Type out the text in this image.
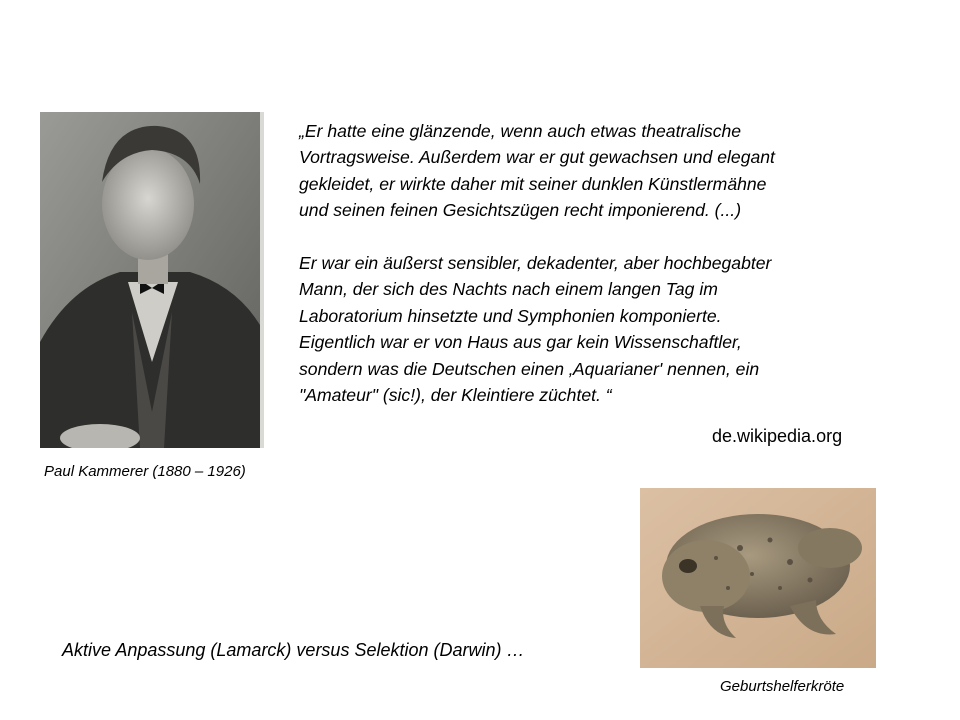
Paul Kammerer (1880 – 1926)

„Er hatte eine glänzende, wenn auch etwas theatralische

Vortragsweise. Außerdem war er gut gewachsen und elegant

gekleidet, er wirkte daher mit seiner dunklen Künstlermähne

und seinen feinen Gesichtszügen recht imponierend. (...)

Er war ein äußerst sensibler, dekadenter, aber hochbegabter

Mann, der sich des Nachts nach einem langen Tag im

Laboratorium hinsetzte und Symphonien komponierte.

Eigentlich war er von Haus aus gar kein Wissenschaftler,

sondern was die Deutschen einen ‚Aquarianer' nennen, ein

"Amateur" (sic!), der Kleintiere züchtet. “

de.wikipedia.org
Aktive Anpassung (Lamarck) versus Selektion (Darwin) …
Geburtshelferkröte
